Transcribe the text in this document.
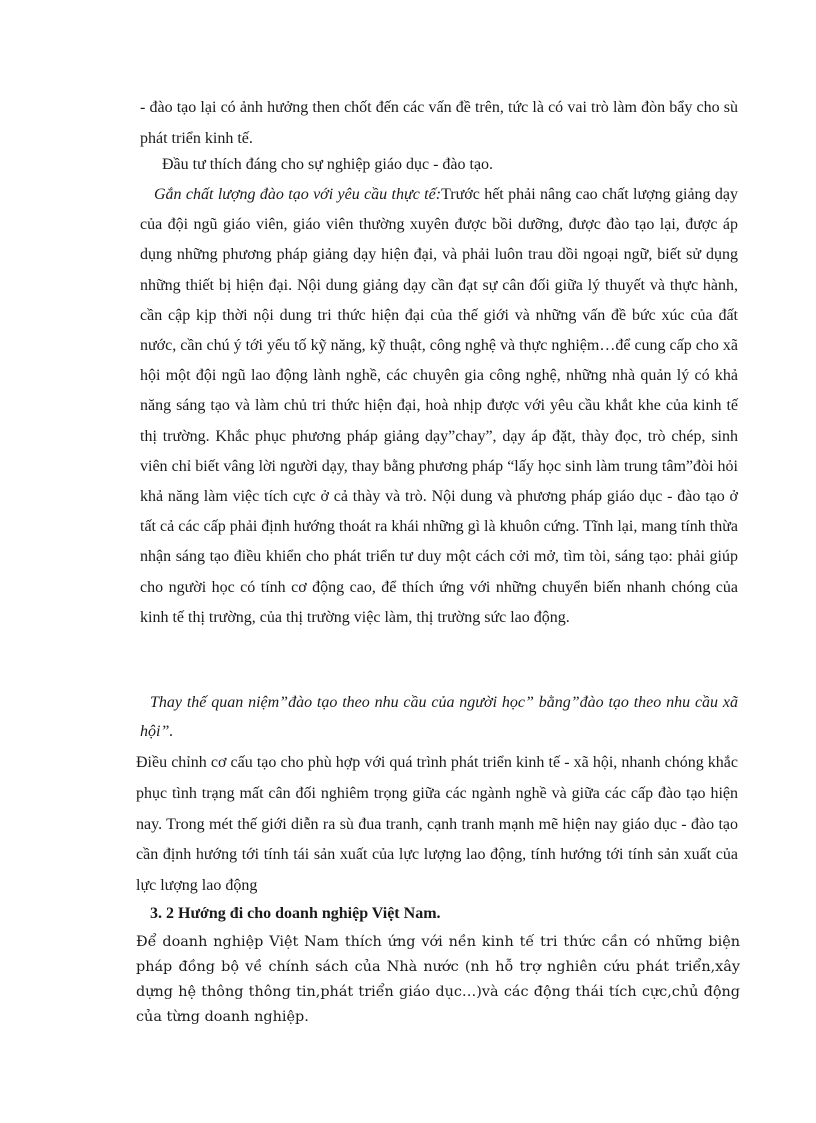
- đào tạo lại có ảnh hưởng then chốt đến các vấn đề trên, tức là có vai trò làm đòn bẩy cho sù phát triển kinh tế.

Đầu tư thích đáng cho sự nghiệp giáo dục - đào tạo.

Gắn chất lượng đào tạo với yêu cầu thực tế:Trước hết phải nâng cao chất lượng giảng dạy của đội ngũ giáo viên, giáo viên thường xuyên được bồi dưỡng, được đào tạo lại, được áp dụng những phương pháp giảng dạy hiện đại, và phải luôn trau dồi ngoại ngữ, biết sử dụng những thiết bị hiện đại. Nội dung giảng dạy cần đạt sự cân đối giữa lý thuyết và thực hành, cần cập kịp thời nội dung tri thức hiện đại của thế giới và những vấn đề bức xúc của đất nước, cần chú ý tới yếu tố kỹ năng, kỹ thuật, công nghệ và thực nghiệm…để cung cấp cho xã hội một đội ngũ lao động lành nghề, các chuyên gia công nghệ, những nhà quản lý có khả năng sáng tạo và làm chủ tri thức hiện đại, hoà nhịp được với yêu cầu khắt khe của kinh tế thị trường. Khắc phục phương pháp giảng dạy”chay”, dạy áp đặt, thày đọc, trò chép, sinh viên chỉ biết vâng lời người dạy, thay bằng phương pháp “lấy học sinh làm trung tâm”đòi hỏi khả năng làm việc tích cực ở cả thày và trò. Nội dung và phương pháp giáo dục - đào tạo ở tất cả các cấp phải định hướng thoát ra khái những gì là khuôn cứng. Tĩnh lại, mang tính thừa nhận sáng tạo điều khiển cho phát triển tư duy một cách cởi mở, tìm tòi, sáng tạo: phải giúp cho người học có tính cơ động cao, để thích ứng với những chuyển biến nhanh chóng của kinh tế thị trường, của thị trường việc làm, thị trường sức lao động.

Thay thế quan niệm”đào tạo theo nhu cầu của người học” bằng”đào tạo theo nhu cầu xã hội”.

Điều chỉnh cơ cấu tạo cho phù hợp với quá trình phát triển kinh tế - xã hội, nhanh chóng khắc phục tình trạng mất cân đối nghiêm trọng giữa các ngành nghề và giữa các cấp đào tạo hiện nay. Trong mét thế giới diễn ra sù đua tranh, cạnh tranh mạnh mẽ hiện nay giáo dục - đào tạo cần định hướng tới tính tái sản xuất của lực lượng lao động, tính hướng tới tính sản xuất của lực lượng lao động

3. 2 Hướng đi cho doanh nghiệp Việt Nam.

Để doanh nghiệp Việt Nam thích ứng với nền kinh tế tri thức cần có những biện pháp đồng bộ về chính sách của Nhà nước (nh hỗ trợ nghiên cứu phát triển,xây dựng hệ thông thông tin,phát triển giáo dục…)và các động thái tích cực,chủ động của từng doanh nghiệp.
